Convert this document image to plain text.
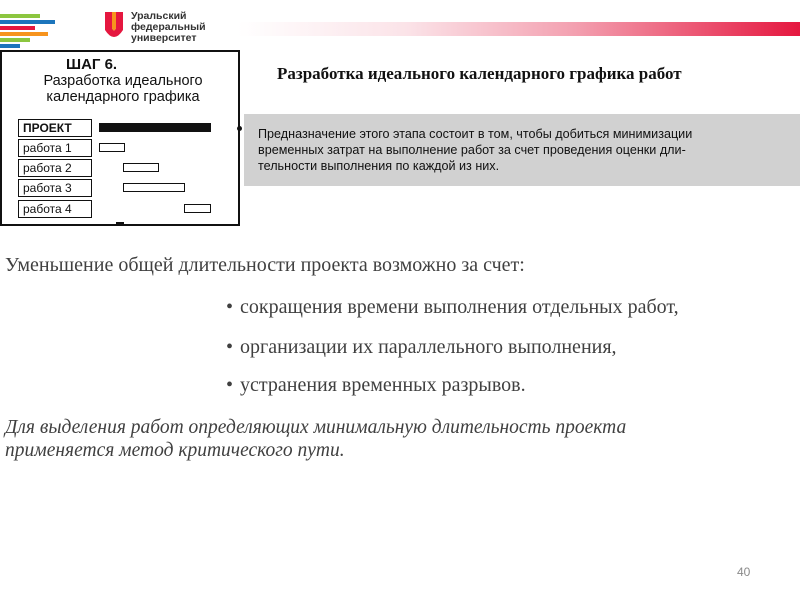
Уральский
федеральный
университет
ШАГ 6.
Разработка идеального
календарного графика
ПРОЕКТ
работа 1
работа 2
работа 3
работа 4
Разработка идеального календарного графика работ
Предназначение этого этапа состоит в том, чтобы добиться минимизации
временных затрат на выполнение работ за счет проведения оценки дли-
тельности выполнения по каждой из них.
Уменьшение общей длительности проекта возможно за счет:
• сокращения времени выполнения отдельных работ,
• организации их параллельного выполнения,
• устранения временных разрывов.
Для выделения работ определяющих минимальную длительность проекта
применяется метод критического пути.
40
